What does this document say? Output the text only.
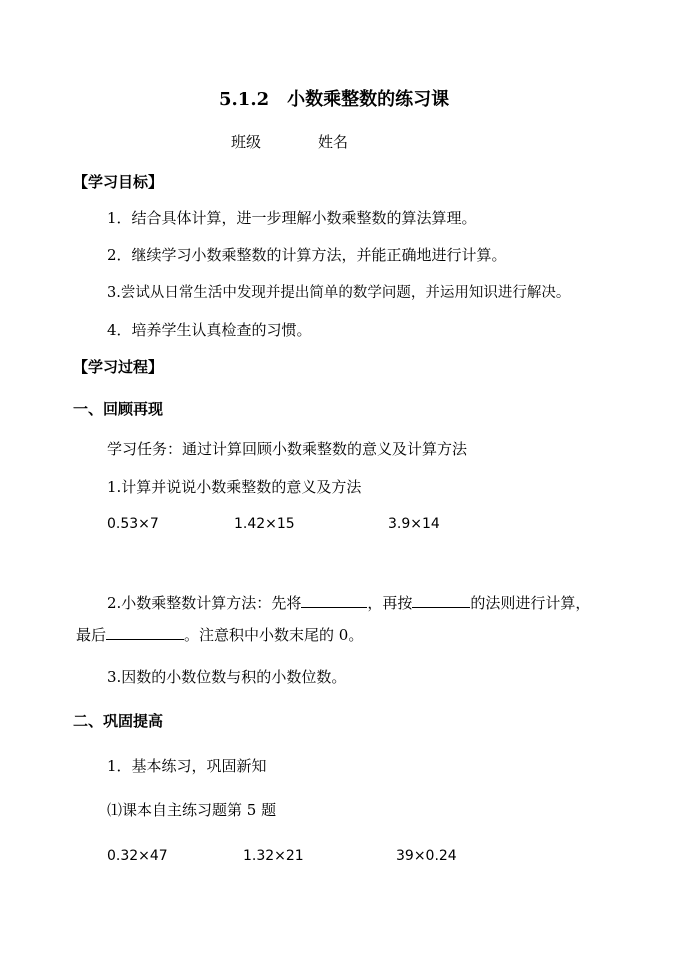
5.1.2　小数乘整数的练习课
班级	姓名
【学习目标】
1．结合具体计算，进一步理解小数乘整数的算法算理。
2．继续学习小数乘整数的计算方法，并能正确地进行计算。
3.尝试从日常生活中发现并提出简单的数学问题，并运用知识进行解决。
4．培养学生认真检查的习惯。
【学习过程】
一、回顾再现
学习任务：通过计算回顾小数乘整数的意义及计算方法
1.计算并说说小数乘整数的意义及方法
0.53×7	1.42×15	3.9×14
2.小数乘整数计算方法：先将	，再按	的法则进行计算，
最后	。注意积中小数末尾的 0。
3.因数的小数位数与积的小数位数。
二、巩固提高
1．基本练习，巩固新知
⑴课本自主练习题第 5 题
0.32×47	1.32×21	39×0.24
